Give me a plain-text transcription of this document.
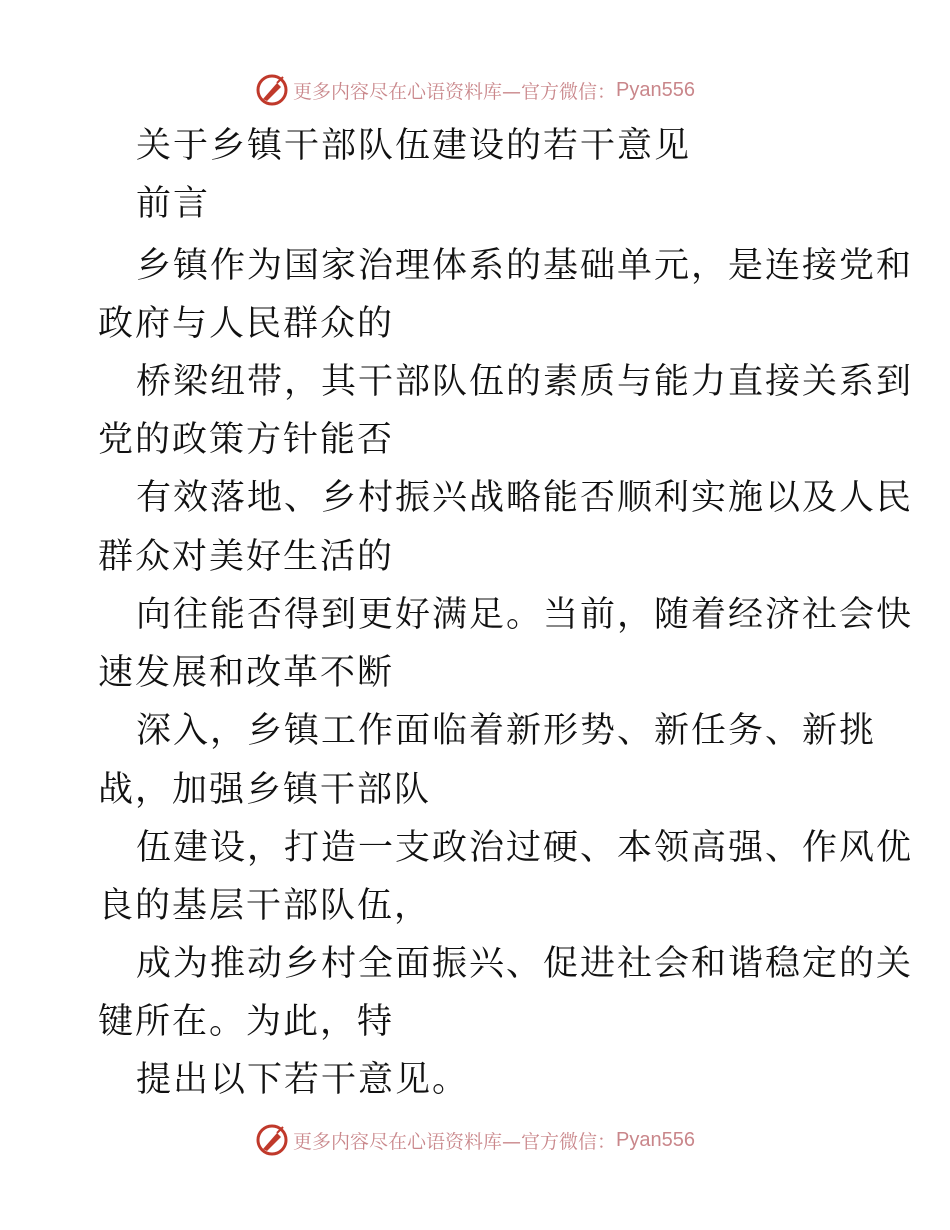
更多内容尽在心语资料库—官方微信： Pyan556
关于乡镇干部队伍建设的若干意见
前言
乡镇作为国家治理体系的基础单元，是连接党和
政府与人民群众的
桥梁纽带，其干部队伍的素质与能力直接关系到
党的政策方针能否
有效落地、乡村振兴战略能否顺利实施以及人民
群众对美好生活的
向往能否得到更好满足。当前，随着经济社会快
速发展和改革不断
深入，乡镇工作面临着新形势、新任务、新挑
战，加强乡镇干部队
伍建设，打造一支政治过硬、本领高强、作风优
良的基层干部队伍，
成为推动乡村全面振兴、促进社会和谐稳定的关
键所在。为此，特
提出以下若干意见。
更多内容尽在心语资料库—官方微信： Pyan556
